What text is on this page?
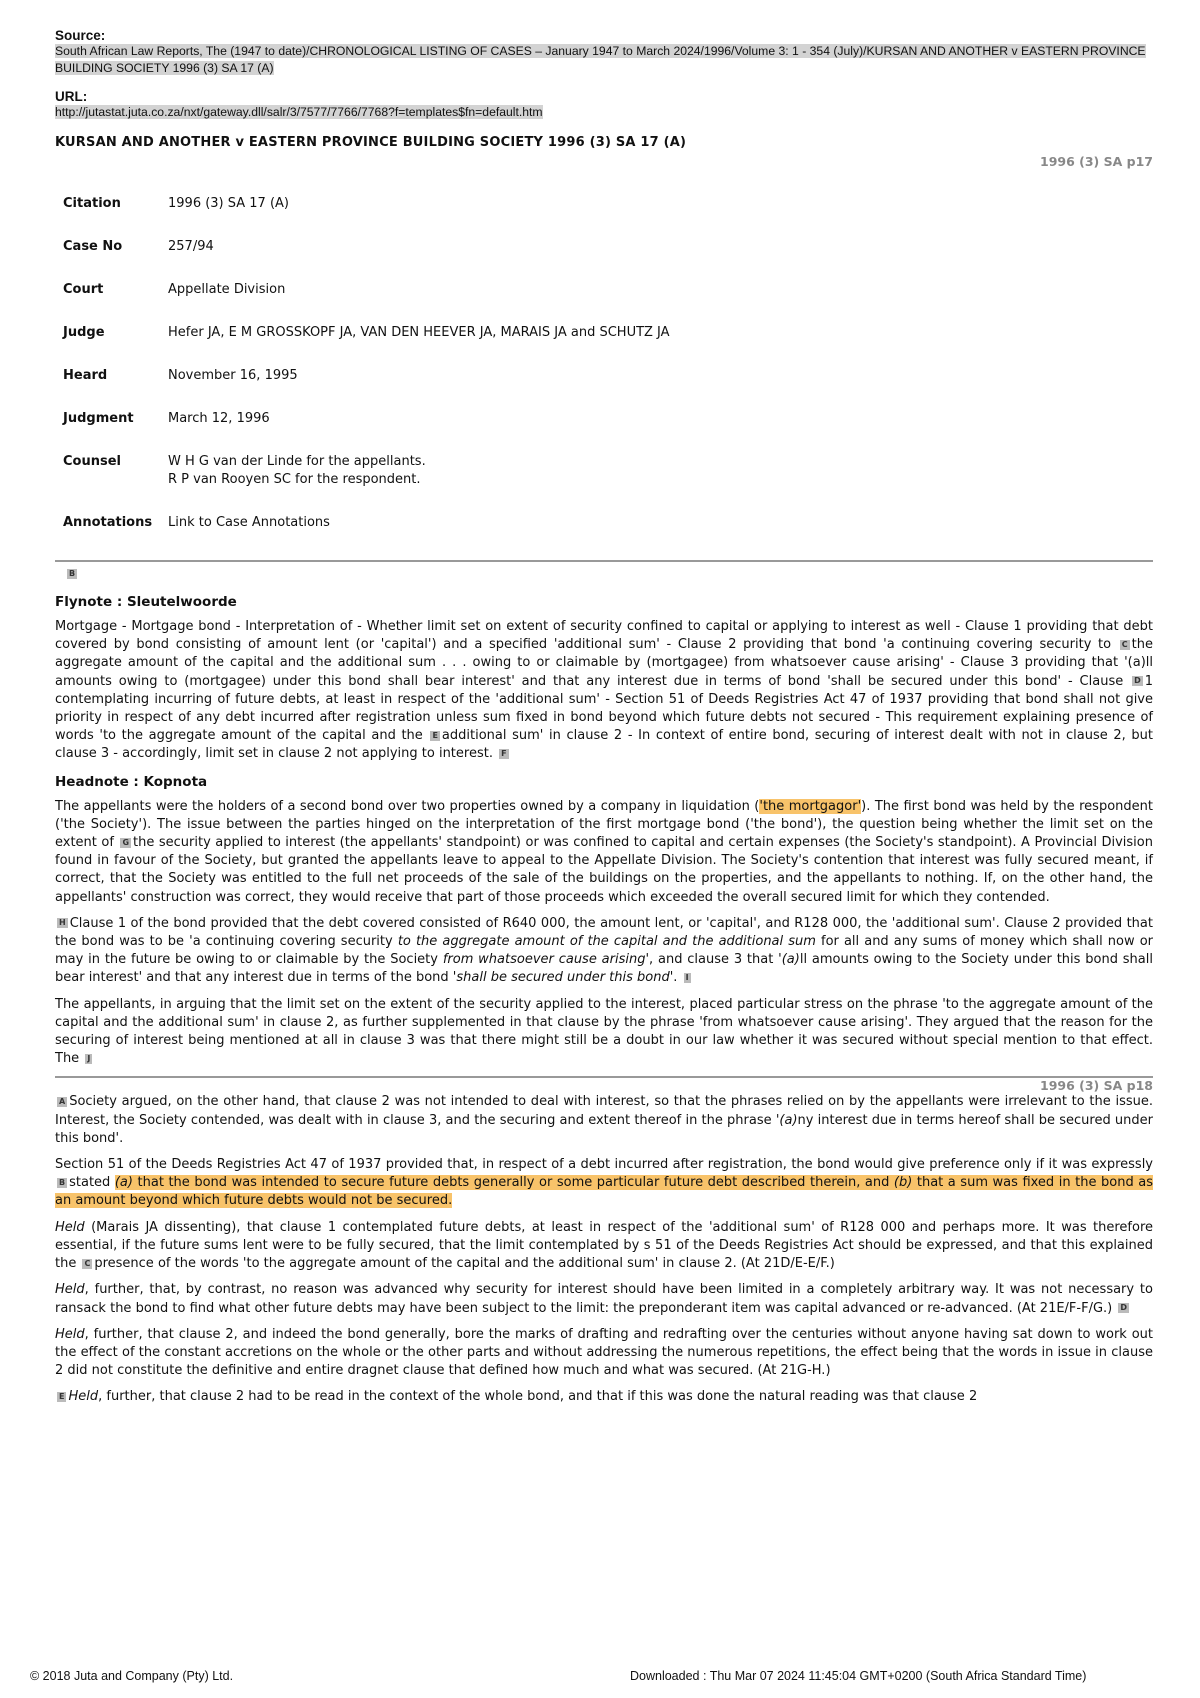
Source:
South African Law Reports, The (1947 to date)/CHRONOLOGICAL LISTING OF CASES – January 1947 to March 2024/1996/Volume 3: 1 - 354 (July)/KURSAN AND ANOTHER v EASTERN PROVINCE BUILDING SOCIETY 1996 (3) SA 17 (A)
URL:
http://jutastat.juta.co.za/nxt/gateway.dll/salr/3/7577/7766/7768?f=templates$fn=default.htm
KURSAN AND ANOTHER v EASTERN PROVINCE BUILDING SOCIETY 1996 (3) SA 17 (A)
1996 (3) SA p17
Citation	1996 (3) SA 17 (A)
Case No	257/94
Court	Appellate Division
Judge	Hefer JA, E M GROSSKOPF JA, VAN DEN HEEVER JA, MARAIS JA and SCHUTZ JA
Heard	November 16, 1995
Judgment	March 12, 1996
Counsel	W H G van der Linde for the appellants.
R P van Rooyen SC for the respondent.

Annotations	Link to Case Annotations
B
Flynote : Sleutelwoorde

Mortgage - Mortgage bond - Interpretation of - Whether limit set on extent of security confined to capital or applying to interest as well - Clause 1 providing that debt covered by bond consisting of amount lent (or 'capital') and a specified 'additional sum' - Clause 2 providing that bond 'a continuing covering security to C the aggregate amount of the capital and the additional sum . . . owing to or claimable by (mortgagee) from whatsoever cause arising' - Clause 3 providing that '(a)ll amounts owing to (mortgagee) under this bond shall bear interest' and that any interest due in terms of bond 'shall be secured under this bond' - Clause D 1 contemplating incurring of future debts, at least in respect of the 'additional sum' - Section 51 of Deeds Registries Act 47 of 1937 providing that bond shall not give priority in respect of any debt incurred after registration unless sum fixed in bond beyond which future debts not secured - This requirement explaining presence of words 'to the aggregate amount of the capital and the E additional sum' in clause 2 - In context of entire bond, securing of interest dealt with not in clause 2, but clause 3 - accordingly, limit set in clause 2 not applying to interest. F

Headnote : Kopnota

The appellants were the holders of a second bond over two properties owned by a company in liquidation ('the mortgagor'). The first bond was held by the respondent ('the Society'). The issue between the parties hinged on the interpretation of the first mortgage bond ('the bond'), the question being whether the limit set on the extent of G the security applied to interest (the appellants' standpoint) or was confined to capital and certain expenses (the Society's standpoint). A Provincial Division found in favour of the Society, but granted the appellants leave to appeal to the Appellate Division. The Society's contention that interest was fully secured meant, if correct, that the Society was entitled to the full net proceeds of the sale of the buildings on the properties, and the appellants to nothing. If, on the other hand, the appellants' construction was correct, they would receive that part of those proceeds which exceeded the overall secured limit for which they contended.

H Clause 1 of the bond provided that the debt covered consisted of R640 000, the amount lent, or 'capital', and R128 000, the 'additional sum'. Clause 2 provided that the bond was to be 'a continuing covering security to the aggregate amount of the capital and the additional sum for all and any sums of money which shall now or may in the future be owing to or claimable by the Society from whatsoever cause arising', and clause 3 that '(a)ll amounts owing to the Society under this bond shall bear interest' and that any interest due in terms of the bond 'shall be secured under this bond'. I

The appellants, in arguing that the limit set on the extent of the security applied to the interest, placed particular stress on the phrase 'to the aggregate amount of the capital and the additional sum' in clause 2, as further supplemented in that clause by the phrase 'from whatsoever cause arising'. They argued that the reason for the securing of interest being mentioned at all in clause 3 was that there might still be a doubt in our law whether it was secured without special mention to that effect. The J

1996 (3) SA p18

A Society argued, on the other hand, that clause 2 was not intended to deal with interest, so that the phrases relied on by the appellants were irrelevant to the issue. Interest, the Society contended, was dealt with in clause 3, and the securing and extent thereof in the phrase '(a)ny interest due in terms hereof shall be secured under this bond'.

Section 51 of the Deeds Registries Act 47 of 1937 provided that, in respect of a debt incurred after registration, the bond would give preference only if it was expressly B stated (a) that the bond was intended to secure future debts generally or some particular future debt described therein, and (b) that a sum was fixed in the bond as an amount beyond which future debts would not be secured.

Held (Marais JA dissenting), that clause 1 contemplated future debts, at least in respect of the 'additional sum' of R128 000 and perhaps more. It was therefore essential, if the future sums lent were to be fully secured, that the limit contemplated by s 51 of the Deeds Registries Act should be expressed, and that this explained the C presence of the words 'to the aggregate amount of the capital and the additional sum' in clause 2. (At 21D/E-E/F.)

Held, further, that, by contrast, no reason was advanced why security for interest should have been limited in a completely arbitrary way. It was not necessary to ransack the bond to find what other future debts may have been subject to the limit: the preponderant item was capital advanced or re-advanced. (At 21E/F-F/G.) D

Held, further, that clause 2, and indeed the bond generally, bore the marks of drafting and redrafting over the centuries without anyone having sat down to work out the effect of the constant accretions on the whole or the other parts and without addressing the numerous repetitions, the effect being that the words in issue in clause 2 did not constitute the definitive and entire dragnet clause that defined how much and what was secured. (At 21G-H.)

E Held, further, that clause 2 had to be read in the context of the whole bond, and that if this was done the natural reading was that clause 2

© 2018 Juta and Company (Pty) Ltd.	Downloaded : Thu Mar 07 2024 11:45:04 GMT+0200 (South Africa Standard Time)
